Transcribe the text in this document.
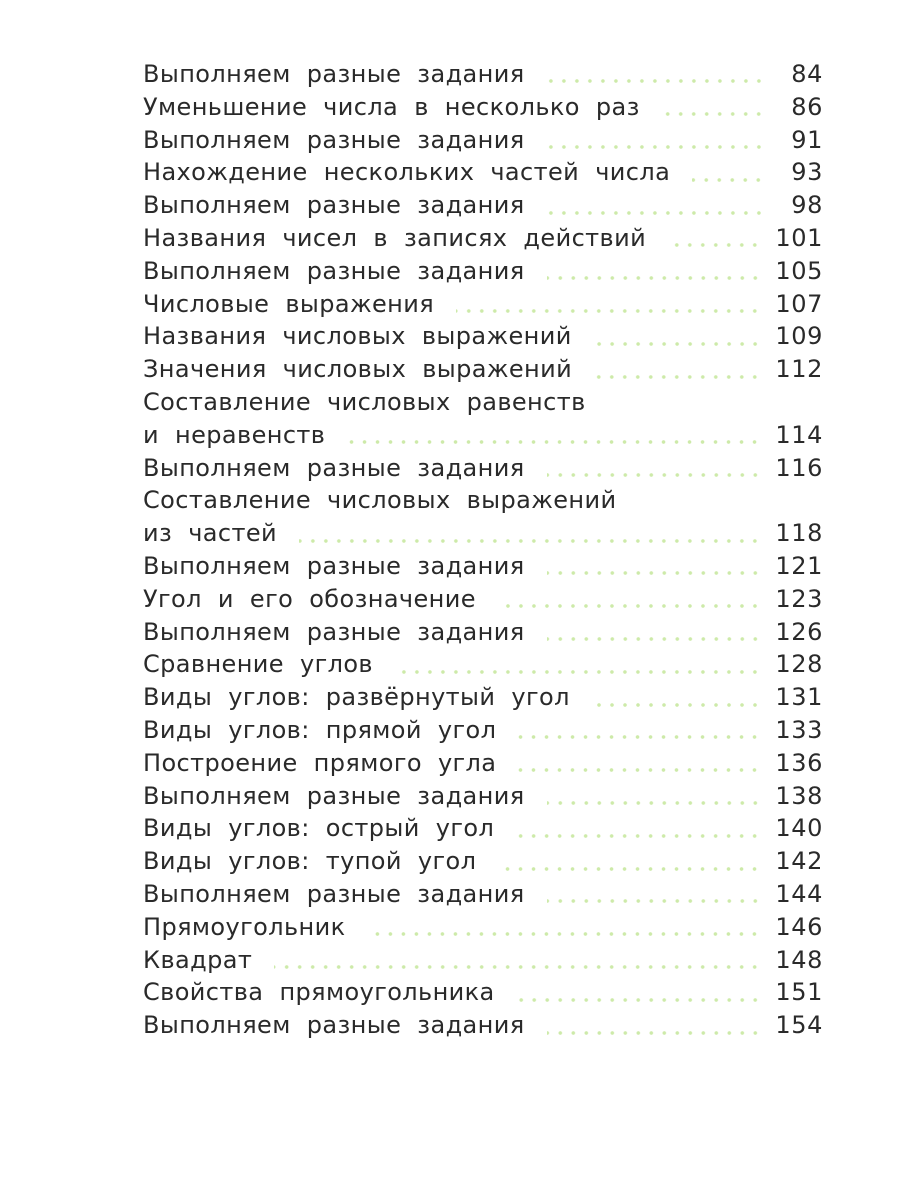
Выполняем разные задания	84
Уменьшение числа в несколько раз	86
Выполняем разные задания	91
Нахождение нескольких частей числа	93
Выполняем разные задания	98
Названия чисел в записях действий	101
Выполняем разные задания	105
Числовые выражения	107
Названия числовых выражений	109
Значения числовых выражений	112
Составление числовых равенств
и неравенств	114
Выполняем разные задания	116
Составление числовых выражений
из частей	118
Выполняем разные задания	121
Угол и его обозначение	123
Выполняем разные задания	126
Сравнение углов	128
Виды углов: развёрнутый угол	131
Виды углов: прямой угол	133
Построение прямого угла	136
Выполняем разные задания	138
Виды углов: острый угол	140
Виды углов: тупой угол	142
Выполняем разные задания	144
Прямоугольник	146
Квадрат	148
Свойства прямоугольника	151
Выполняем разные задания	154
